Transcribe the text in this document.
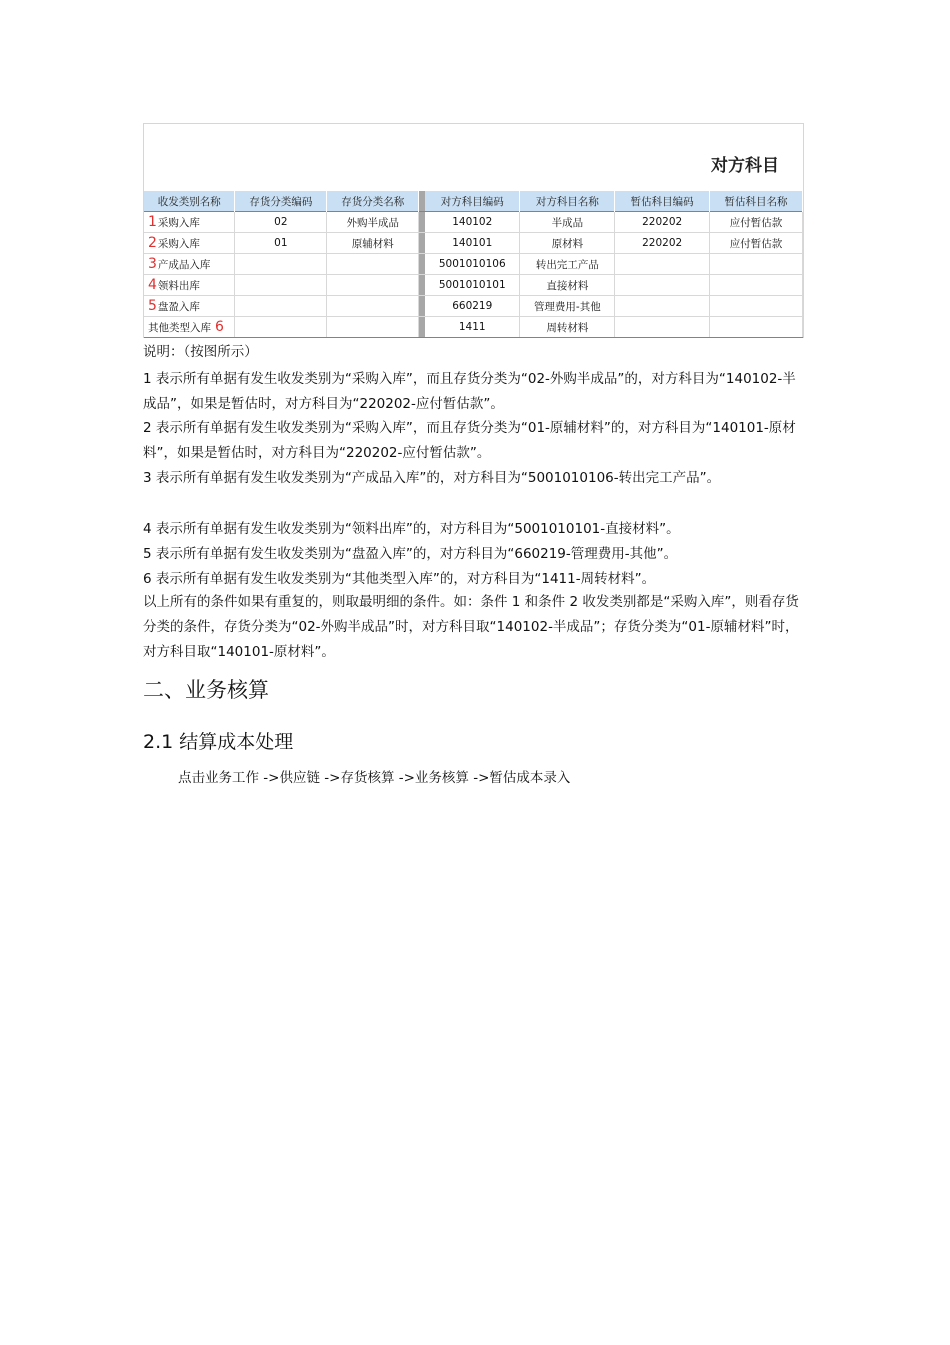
对方科目
收发类别名称	存货分类编码	存货分类名称		对方科目编码	对方科目名称	暂估科目编码	暂估科目名称
1采购入库	02	外购半成品		140102	半成品	220202	应付暂估款
2采购入库	01	原辅材料		140101	原材料	220202	应付暂估款
3产成品入库				5001010106	转出完工产品		
4领料出库				5001010101	直接材料		
5盘盈入库				660219	管理费用-其他		
其他类型入库 6				1411	周转材料		
说明：（按图所示）
1 表示所有单据有发生收发类别为“采购入库”，而且存货分类为“02-外购半成品”的，对方科目为“140102-半成品”，如果是暂估时，对方科目为“220202-应付暂估款”。
2 表示所有单据有发生收发类别为“采购入库”，而且存货分类为“01-原辅材料”的，对方科目为“140101-原材料”，如果是暂估时，对方科目为“220202-应付暂估款”。
3 表示所有单据有发生收发类别为“产成品入库”的，对方科目为“5001010106-转出完工产品”。
4 表示所有单据有发生收发类别为“领料出库”的，对方科目为“5001010101-直接材料”。
5 表示所有单据有发生收发类别为“盘盈入库”的，对方科目为“660219-管理费用-其他”。
6 表示所有单据有发生收发类别为“其他类型入库”的，对方科目为“1411-周转材料”。
以上所有的条件如果有重复的，则取最明细的条件。如：条件 1 和条件 2 收发类别都是“采购入库”，则看存货分类的条件，存货分类为“02-外购半成品”时，对方科目取“140102-半成品”；存货分类为“01-原辅材料”时，对方科目取“140101-原材料”。
二、业务核算
2.1 结算成本处理
点击业务工作 ->供应链 ->存货核算 ->业务核算 ->暂估成本录入
